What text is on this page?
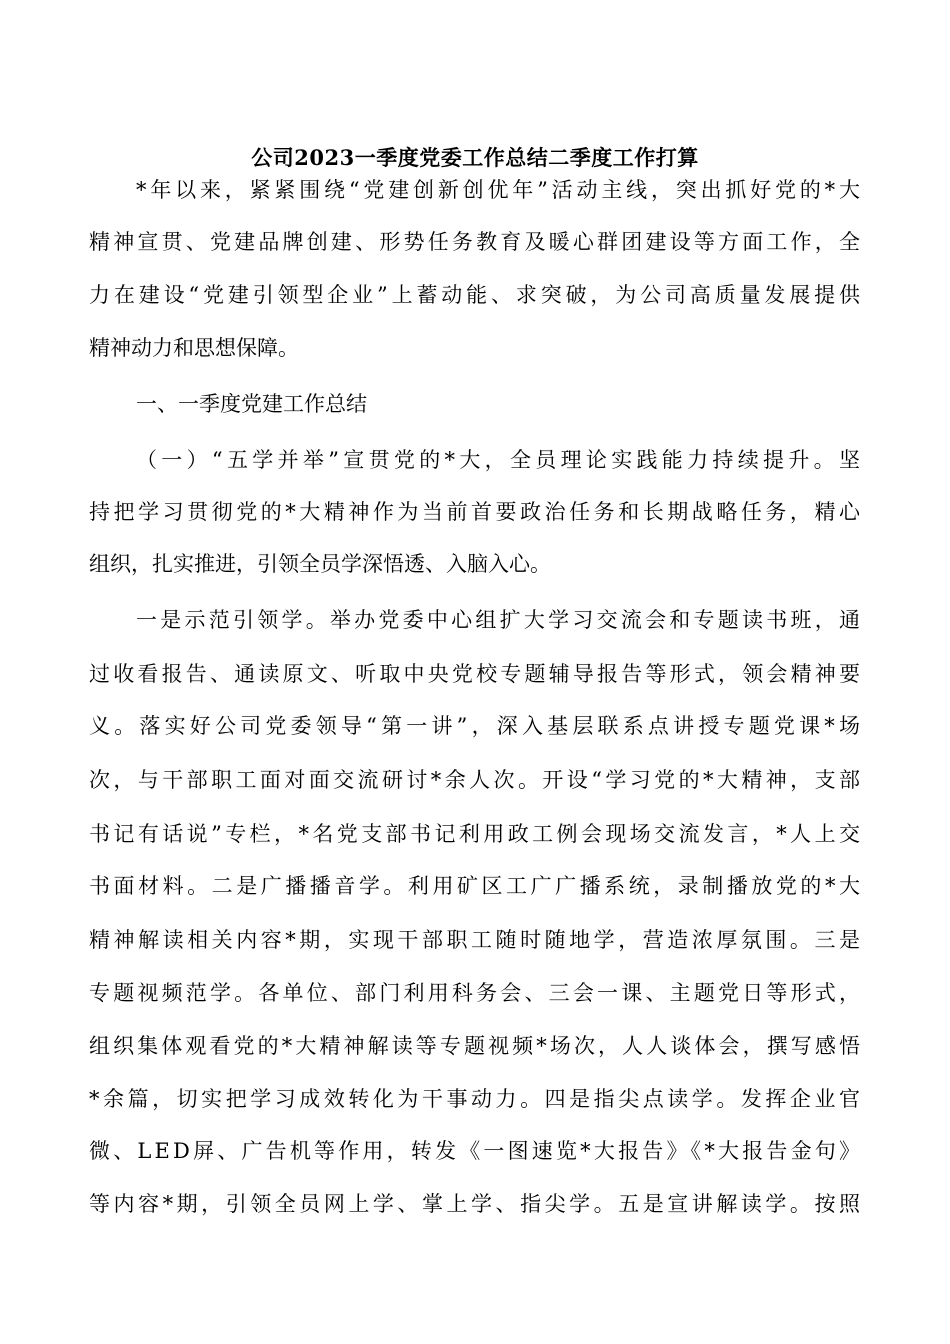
公司2023一季度党委工作总结二季度工作打算

*年以来，紧紧围绕“党建创新创优年”活动主线，突出抓好党的*大

精神宣贯、党建品牌创建、形势任务教育及暖心群团建设等方面工作，全

力在建设“党建引领型企业”上蓄动能、求突破，为公司高质量发展提供

精神动力和思想保障。

一、一季度党建工作总结

（一）“五学并举”宣贯党的*大，全员理论实践能力持续提升。坚

持把学习贯彻党的*大精神作为当前首要政治任务和长期战略任务，精心

组织，扎实推进，引领全员学深悟透、入脑入心。

一是示范引领学。举办党委中心组扩大学习交流会和专题读书班，通

过收看报告、通读原文、听取中央党校专题辅导报告等形式，领会精神要

义。落实好公司党委领导“第一讲”，深入基层联系点讲授专题党课*场

次，与干部职工面对面交流研讨*余人次。开设“学习党的*大精神，支部

书记有话说”专栏，*名党支部书记利用政工例会现场交流发言，*人上交

书面材料。二是广播播音学。利用矿区工广广播系统，录制播放党的*大

精神解读相关内容*期，实现干部职工随时随地学，营造浓厚氛围。三是

专题视频范学。各单位、部门利用科务会、三会一课、主题党日等形式，

组织集体观看党的*大精神解读等专题视频*场次，人人谈体会，撰写感悟

*余篇，切实把学习成效转化为干事动力。四是指尖点读学。发挥企业官

微、LED屏、广告机等作用，转发《一图速览*大报告》《*大报告金句》

等内容*期，引领全员网上学、掌上学、指尖学。五是宣讲解读学。按照
